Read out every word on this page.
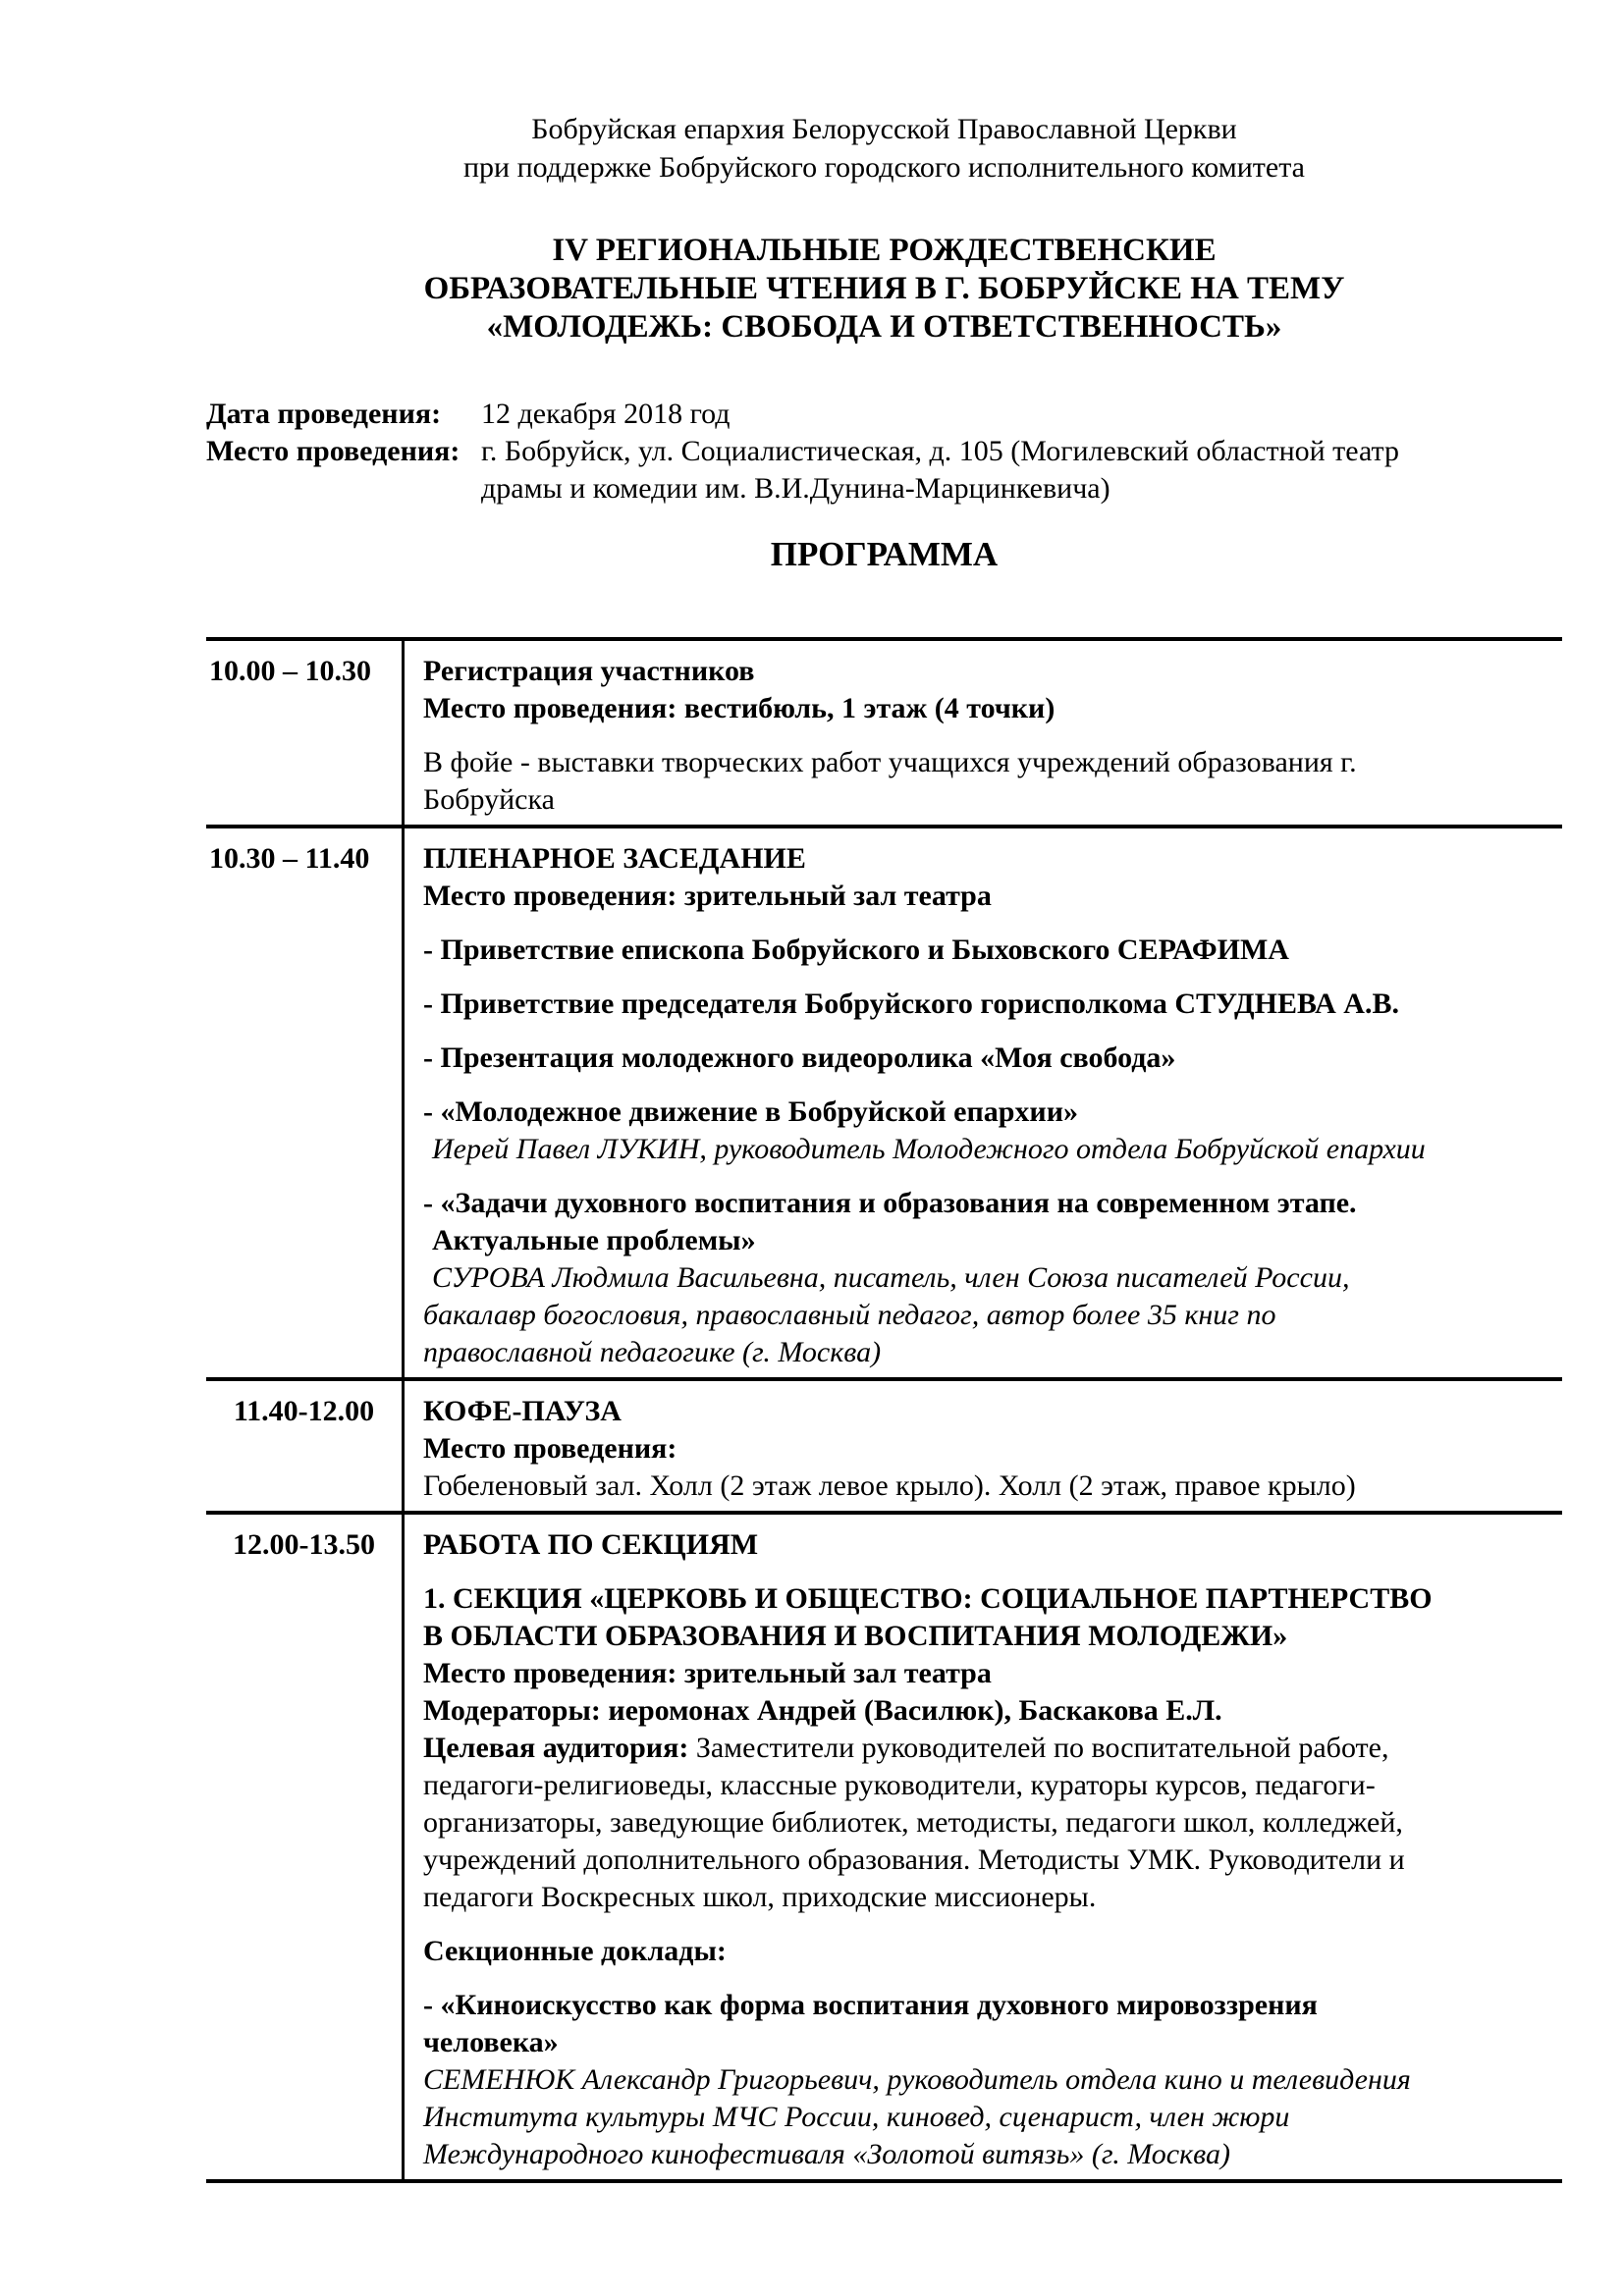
Бобруйская епархия Белорусской Православной Церкви
при поддержке Бобруйского городского исполнительного комитета
IV РЕГИОНАЛЬНЫЕ РОЖДЕСТВЕНСКИЕ
ОБРАЗОВАТЕЛЬНЫЕ ЧТЕНИЯ В Г. БОБРУЙСКЕ НА ТЕМУ
«МОЛОДЕЖЬ: СВОБОДА И ОТВЕТСТВЕННОСТЬ»
Дата проведения:	12 декабря 2018 год
Место проведения: г. Бобруйск, ул. Социалистическая, д. 105 (Могилевский областной театр
драмы и комедии им. В.И.Дунина-Марцинкевича)
ПРОГРАММА
10.00 – 10.30	Регистрация участников
Место проведения: вестибюль, 1 этаж (4 точки)
В фойе - выставки творческих работ учащихся учреждений образования г.
Бобруйска
10.30 – 11.40	ПЛЕНАРНОЕ ЗАСЕДАНИЕ
Место проведения: зрительный зал театра
- Приветствие епископа Бобруйского и Быховского СЕРАФИМА
- Приветствие председателя Бобруйского горисполкома СТУДНЕВА А.В.
- Презентация молодежного видеоролика «Моя свобода»
- «Молодежное движение в Бобруйской епархии»
Иерей Павел ЛУКИН, руководитель Молодежного отдела Бобруйской епархии
- «Задачи духовного воспитания и образования на современном этапе.
Актуальные проблемы»
СУРОВА Людмила Васильевна, писатель, член Союза писателей России,
бакалавр богословия, православный педагог, автор более 35 книг по
православной педагогике (г. Москва)
11.40-12.00	КОФЕ-ПАУЗА
Место проведения:
Гобеленовый зал. Холл (2 этаж левое крыло). Холл (2 этаж, правое крыло)
12.00-13.50	РАБОТА ПО СЕКЦИЯМ
1. СЕКЦИЯ «ЦЕРКОВЬ И ОБЩЕСТВО: СОЦИАЛЬНОЕ ПАРТНЕРСТВО
В ОБЛАСТИ ОБРАЗОВАНИЯ И ВОСПИТАНИЯ МОЛОДЕЖИ»
Место проведения: зрительный зал театра
Модераторы: иеромонах Андрей (Василюк), Баскакова Е.Л.
Целевая аудитория: Заместители руководителей по воспитательной работе,
педагоги-религиоведы, классные руководители, кураторы курсов, педагоги-
организаторы, заведующие библиотек, методисты, педагоги школ, колледжей,
учреждений дополнительного образования. Методисты УМК. Руководители и
педагоги Воскресных школ, приходские миссионеры.
Секционные доклады:
- «Киноискусство как форма воспитания духовного мировоззрения
человека»
СЕМЕНЮК Александр Григорьевич, руководитель отдела кино и телевидения
Института культуры МЧС России, киновед, сценарист, член жюри
Международного кинофестиваля «Золотой витязь» (г. Москва)
